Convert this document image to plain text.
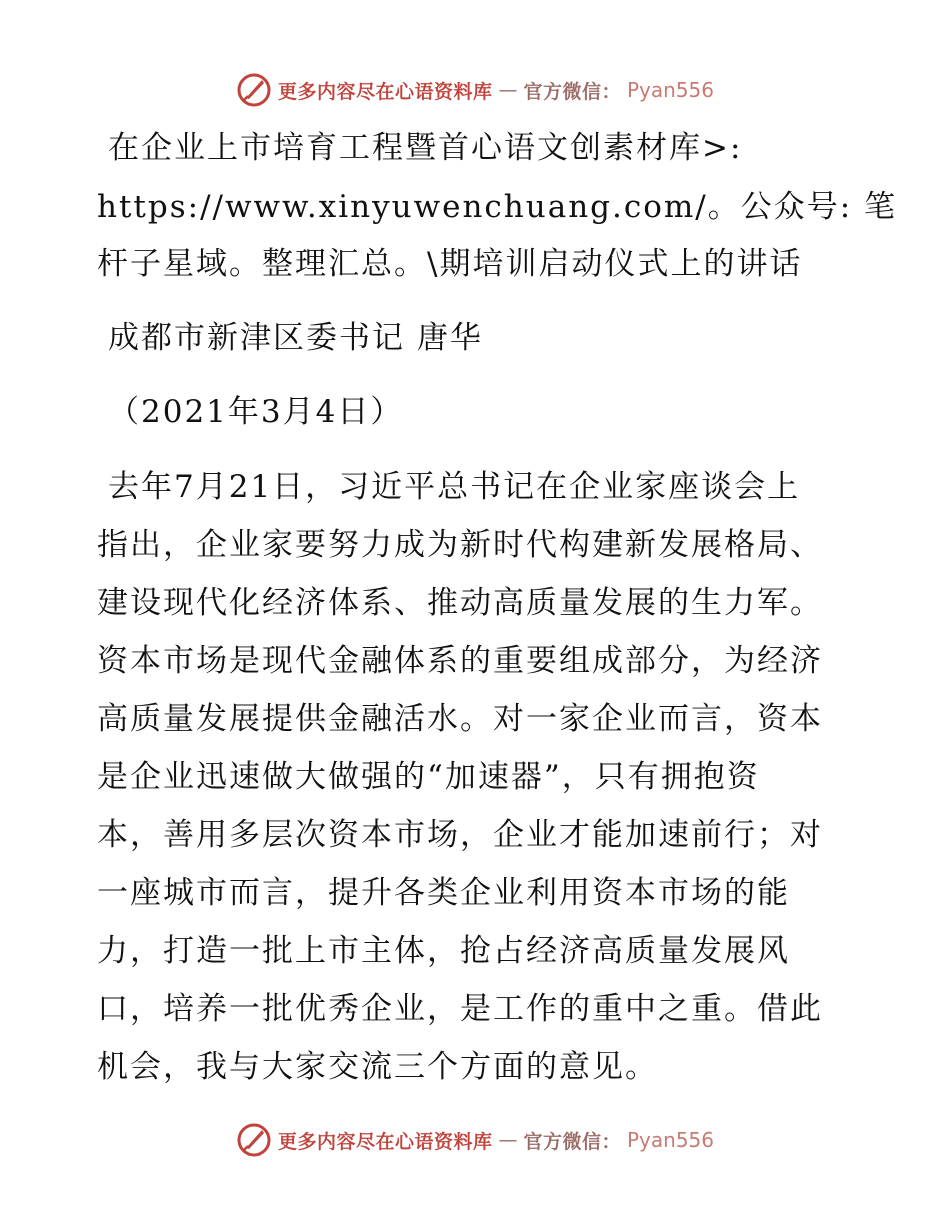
更多内容尽在心语资料库 — 官方微信： Pyan556
在企业上市培育工程暨首心语文创素材库>:
https://www.xinyuwenchuang.com/。公众号: 笔
杆子星域。整理汇总。\期培训启动仪式上的讲话
成都市新津区委书记 唐华
（2021年3月4日）
去年7月21日，习近平总书记在企业家座谈会上
指出，企业家要努力成为新时代构建新发展格局、
建设现代化经济体系、推动高质量发展的生力军。
资本市场是现代金融体系的重要组成部分，为经济
高质量发展提供金融活水。对一家企业而言，资本
是企业迅速做大做强的“加速器”，只有拥抱资
本，善用多层次资本市场，企业才能加速前行；对
一座城市而言，提升各类企业利用资本市场的能
力，打造一批上市主体，抢占经济高质量发展风
口，培养一批优秀企业，是工作的重中之重。借此
机会，我与大家交流三个方面的意见。
更多内容尽在心语资料库 — 官方微信： Pyan556
